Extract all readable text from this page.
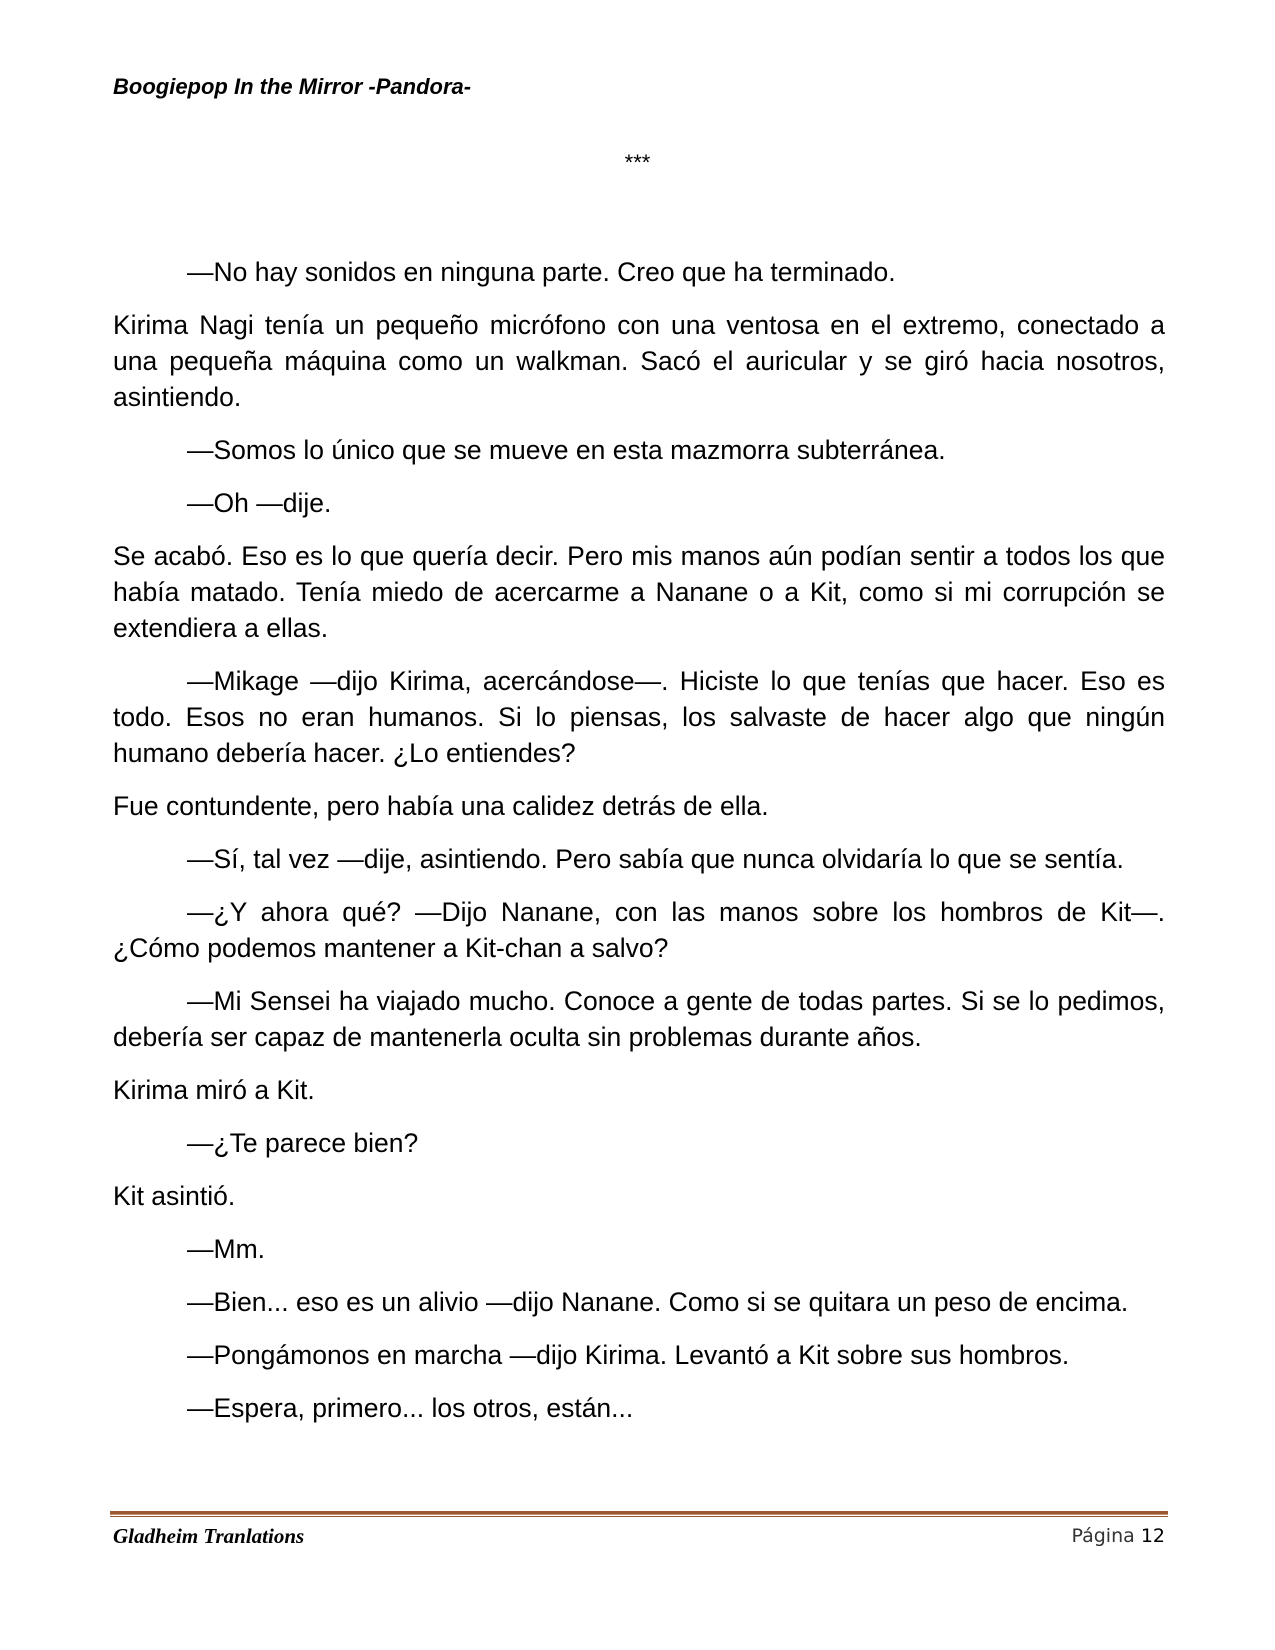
Boogiepop In the Mirror -Pandora-
***

—No hay sonidos en ninguna parte. Creo que ha terminado.

Kirima Nagi tenía un pequeño micrófono con una ventosa en el extremo, conectado a una pequeña máquina como un walkman. Sacó el auricular y se giró hacia nosotros, asintiendo.

—Somos lo único que se mueve en esta mazmorra subterránea.

—Oh —dije.

Se acabó. Eso es lo que quería decir. Pero mis manos aún podían sentir a todos los que había matado. Tenía miedo de acercarme a Nanane o a Kit, como si mi corrupción se extendiera a ellas.

—Mikage —dijo Kirima, acercándose—. Hiciste lo que tenías que hacer. Eso es todo. Esos no eran humanos. Si lo piensas, los salvaste de hacer algo que ningún humano debería hacer. ¿Lo entiendes?

Fue contundente, pero había una calidez detrás de ella.

—Sí, tal vez —dije, asintiendo. Pero sabía que nunca olvidaría lo que se sentía.

—¿Y ahora qué? —Dijo Nanane, con las manos sobre los hombros de Kit—. ¿Cómo podemos mantener a Kit-chan a salvo?

—Mi Sensei ha viajado mucho. Conoce a gente de todas partes. Si se lo pedimos, debería ser capaz de mantenerla oculta sin problemas durante años.

Kirima miró a Kit.

—¿Te parece bien?

Kit asintió.

—Mm.

—Bien... eso es un alivio —dijo Nanane. Como si se quitara un peso de encima.

—Pongámonos en marcha —dijo Kirima. Levantó a Kit sobre sus hombros.

—Espera, primero... los otros, están...

Gladheim Tranlations	Página 12
